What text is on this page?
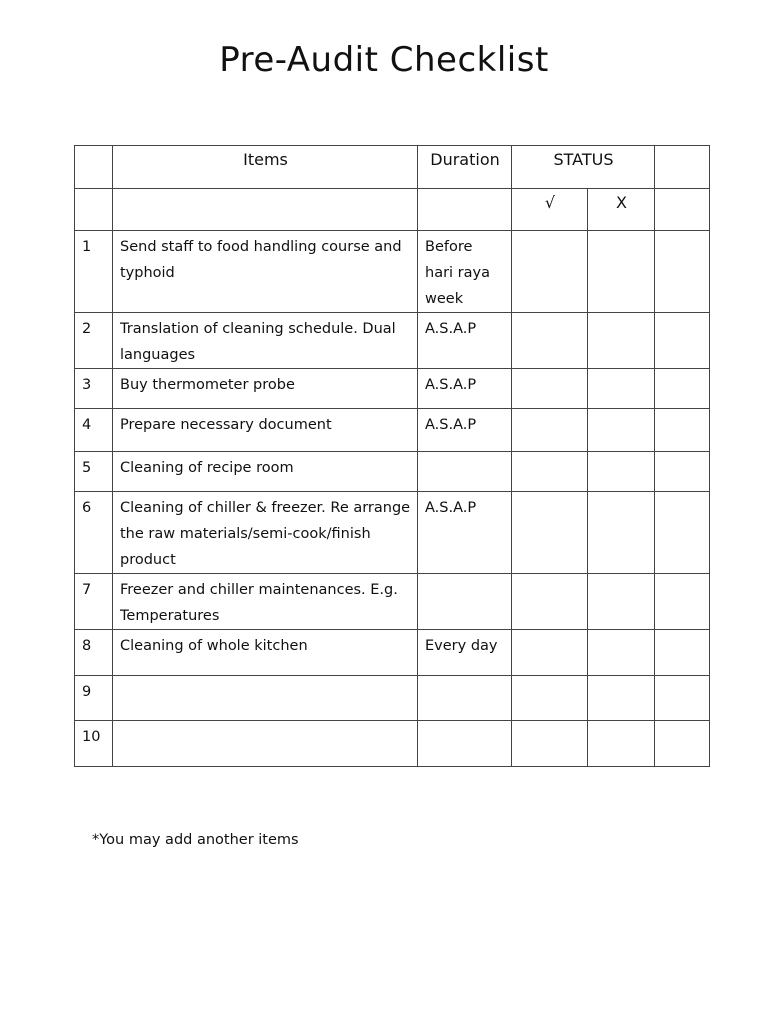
Pre-Audit Checklist
	Items	Duration	STATUS		
			√	X	
1	Send staff to food handling course and typhoid	Before hari raya week			
2	Translation of cleaning schedule. Dual languages	A.S.A.P			
3	Buy thermometer probe	A.S.A.P			
4	Prepare necessary document	A.S.A.P			
5	Cleaning of recipe room				
6	Cleaning of chiller & freezer. Re arrange the raw materials/semi-cook/finish product	A.S.A.P			
7	Freezer and chiller maintenances. E.g. Temperatures				
8	Cleaning of whole kitchen	Every day			
9					
10					
*You may add another items
